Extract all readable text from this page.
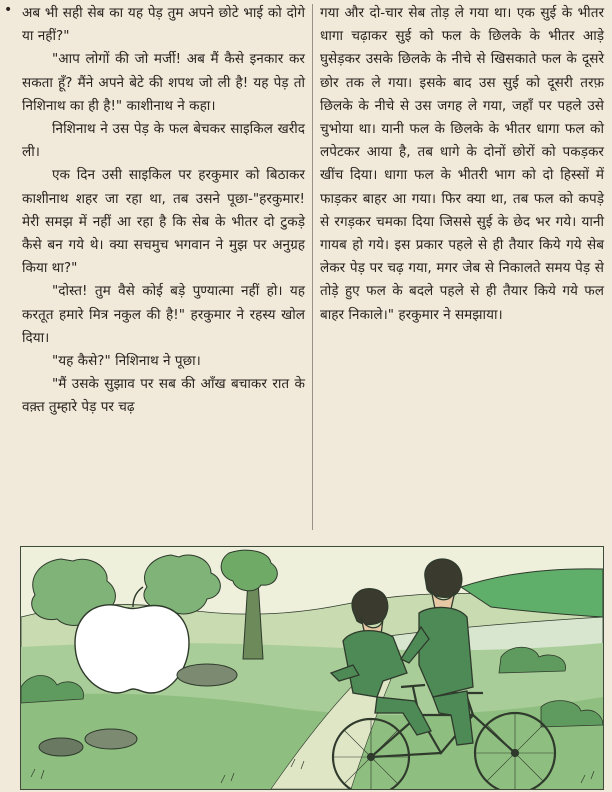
• अब भी सही सेब का यह पेड़ तुम अपने छोटे भाई को दोगे या नहीं?"

"आप लोगों की जो मर्जी! अब मैं कैसे इनकार कर सकता हूँ? मैंने अपने बेटे की शपथ जो ली है! यह पेड़ तो निशिनाथ का ही है!" काशीनाथ ने कहा।

निशिनाथ ने उस पेड़ के फल बेचकर साइकिल खरीद ली।

एक दिन उसी साइकिल पर हरकुमार को बिठाकर काशीनाथ शहर जा रहा था, तब उसने पूछा-"हरकुमार! मेरी समझ में नहीं आ रहा है कि सेब के भीतर दो टुकड़े कैसे बन गये थे। क्या सचमुच भगवान ने मुझ पर अनुग्रह किया था?"

"दोस्त! तुम वैसे कोई बड़े पुण्यात्मा नहीं हो। यह करतूत हमारे मित्र नकुल की है!" हरकुमार ने रहस्य खोल दिया।

"यह कैसे?" निशिनाथ ने पूछा।

"मैं उसके सुझाव पर सब की आँख बचाकर रात के वक़्त तुम्हारे पेड़ पर चढ़

गया और दो-चार सेब तोड़ ले गया था। एक सुई के भीतर धागा चढ़ाकर सुई को फल के छिलके के भीतर आड़े घुसेड़कर उसके छिलके के नीचे से खिसकाते फल के दूसरे छोर तक ले गया। इसके बाद उस सुई को दूसरी तरफ़ छिलके के नीचे से उस जगह ले गया, जहाँ पर पहले उसे चुभोया था। यानी फल के छिलके के भीतर धागा फल को लपेटकर आया है, तब धागे के दोनों छोरों को पकड़कर खींच दिया। धागा फल के भीतरी भाग को दो हिस्सों में फाड़कर बाहर आ गया। फिर क्या था, तब फल को कपड़े से रगड़कर चमका दिया जिससे सुई के छेद भर गये। यानी गायब हो गये। इस प्रकार पहले से ही तैयार किये गये सेब लेकर पेड़ पर चढ़ गया, मगर जेब से निकालते समय पेड़ से तोड़े हुए फल के बदले पहले से ही तैयार किये गये फल बाहर निकाले।" हरकुमार ने समझाया।
